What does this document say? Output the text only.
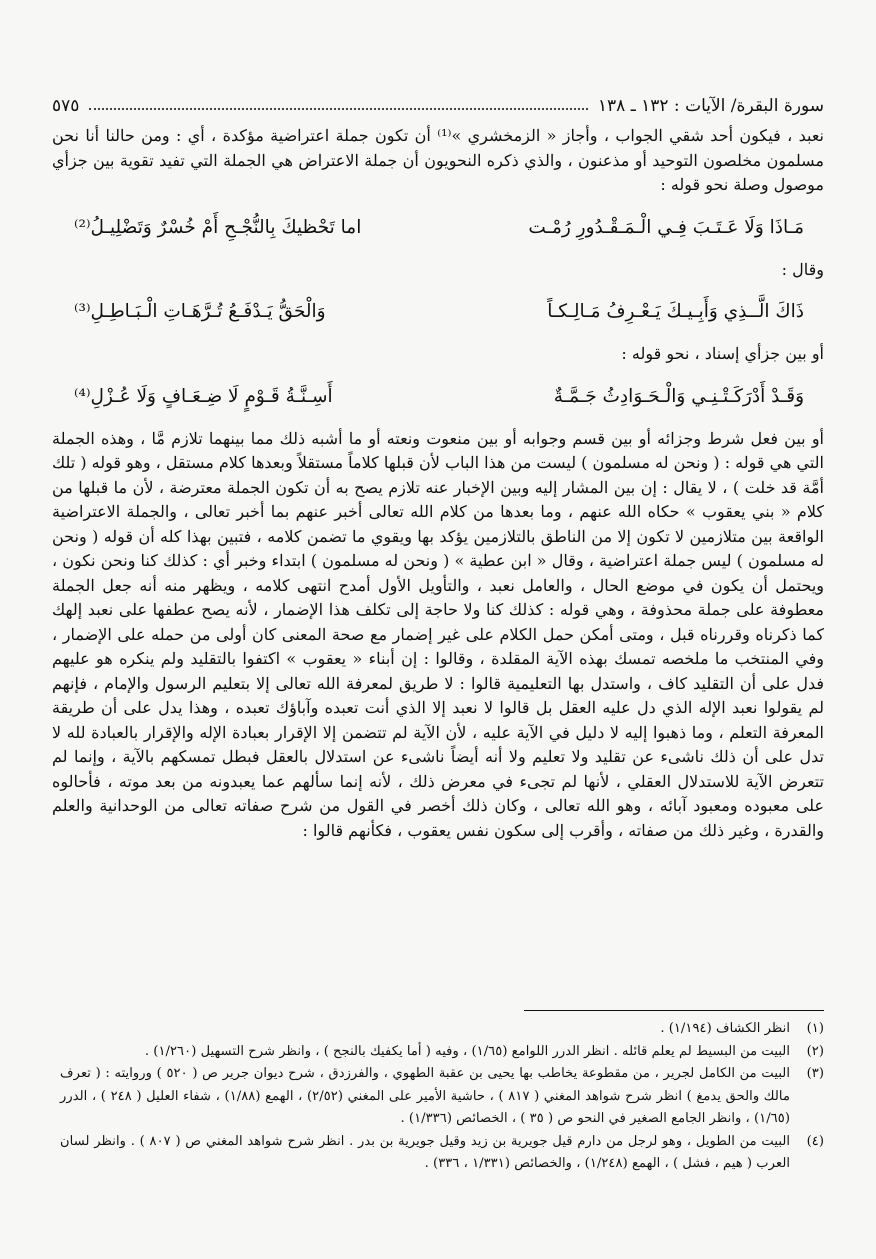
سورة البقرة/ الآيات : ١٣٢ ـ ١٣٨
٥٧٥

نعبد ، فيكون أحد شقي الجواب ، وأجاز « الزمخشري »⁽¹⁾ أن تكون جملة اعتراضية مؤكدة ، أي : ومن حالنا أنا نحن مسلمون مخلصون التوحيد أو مذعنون ، والذي ذكره النحويون أن جملة الاعتراض هي الجملة التي تفيد تقوية بين جزأي موصول وصلة نحو قوله :

مَـاذَا وَلَا عَـتَـبَ فِـي الْـمَـقْـدُورِ رُمْـت
اما تَحْظيكَ بِالنُّجْـحِ أَمْ خُسْرٌ وَتَضْلِيـلُ⁽²⁾

وقال :

ذَاكَ الَّــذِي وَأَبِـيـكَ يَـعْـرِفُ مَـالِـكـاً
وَالْحَقُّ يَـدْفَـعُ تُـرَّهَـاتِ الْـبَـاطِـلِ⁽³⁾

أو بين جزأي إسناد ، نحو قوله :

وَقَـدْ أَدْرَكَـتْـنِـي وَالْـحَـوَادِثُ جَـمَّـةٌ
أَسِـنَّـةُ قَـوْمٍ لَا ضِـعَـافٍ وَلَا عُـزْلِ⁽⁴⁾

أو بين فعل شرط وجزائه أو بين قسم وجوابه أو بين منعوت ونعته أو ما أشبه ذلك مما بينهما تلازم مَّا ، وهذه الجملة التي هي قوله : ( ونحن له مسلمون ) ليست من هذا الباب لأن قبلها كلاماً مستقلاً وبعدها كلام مستقل ، وهو قوله ( تلك أمَّة قد خلت ) ، لا يقال : إن بين المشار إليه وبين الإخبار عنه تلازم يصح به أن تكون الجملة معترضة ، لأن ما قبلها من كلام « بني يعقوب » حكاه الله عنهم ، وما بعدها من كلام الله تعالى أخبر عنهم بما أخبر تعالى ، والجملة الاعتراضية الواقعة بين متلازمين لا تكون إلا من الناطق بالتلازمين يؤكد بها ويقوي ما تضمن كلامه ، فتبين بهذا كله أن قوله ( ونحن له مسلمون ) ليس جملة اعتراضية ، وقال « ابن عطية » ( ونحن له مسلمون ) ابتداء وخبر أي : كذلك كنا ونحن نكون ، ويحتمل أن يكون في موضع الحال ، والعامل نعبد ، والتأويل الأول أمدح انتهى كلامه ، ويظهر منه أنه جعل الجملة معطوفة على جملة محذوفة ، وهي قوله : كذلك كنا ولا حاجة إلى تكلف هذا الإضمار ، لأنه يصح عطفها على نعبد إلهك كما ذكرناه وقررناه قبل ، ومتى أمكن حمل الكلام على غير إضمار مع صحة المعنى كان أولى من حمله على الإضمار ، وفي المنتخب ما ملخصه تمسك بهذه الآية المقلدة ، وقالوا : إن أبناء « يعقوب » اكتفوا بالتقليد ولم ينكره هو عليهم فدل على أن التقليد كاف ، واستدل بها التعليمية قالوا : لا طريق لمعرفة الله تعالى إلا بتعليم الرسول والإمام ، فإنهم لم يقولوا نعبد الإله الذي دل عليه العقل بل قالوا لا نعبد إلا الذي أنت تعبده وآباؤك تعبده ، وهذا يدل على أن طريقة المعرفة التعلم ، وما ذهبوا إليه لا دليل في الآية عليه ، لأن الآية لم تتضمن إلا الإقرار بعبادة الإله والإقرار بالعبادة لله لا تدل على أن ذلك ناشىء عن تقليد ولا تعليم ولا أنه أيضاً ناشىء عن استدلال بالعقل فبطل تمسكهم بالآية ، وإنما لم تتعرض الآية للاستدلال العقلي ، لأنها لم تجىء في معرض ذلك ، لأنه إنما سألهم عما يعبدونه من بعد موته ، فأحالوه على معبوده ومعبود آبائه ، وهو الله تعالى ، وكان ذلك أخصر في القول من شرح صفاته تعالى من الوحدانية والعلم والقدرة ، وغير ذلك من صفاته ، وأقرب إلى سكون نفس يعقوب ، فكأنهم قالوا :

(١)
انظر الكشاف (١/١٩٤) .
(٢)
البيت من البسيط لم يعلم قائله . انظر الدرر اللوامع (١/٦٥) ، وفيه ( أما يكفيك بالنجح ) ، وانظر شرح التسهيل (١/٢٦٠) .
(٣)
البيت من الكامل لجرير ، من مقطوعة يخاطب بها يحيى بن عقبة الطهوي ، والفرزدق ، شرح ديوان جرير ص ( ٥٢٠ ) وروايته : ( تعرف مالك والحق يدمغ ) انظر شرح شواهد المغني ( ٨١٧ ) ، حاشية الأمير على المغني (٢/٥٢) ، الهمع (١/٨٨) ، شفاء العليل ( ٢٤٨ ) ، الدرر (١/٦٥) ، وانظر الجامع الصغير في النحو ص ( ٣٥ ) ، الخصائص (١/٣٣٦) .
(٤)
البيت من الطويل ، وهو لرجل من دارم قيل جويرية بن زيد وقيل جويرية بن بدر . انظر شرح شواهد المغني ص ( ٨٠٧ ) . وانظر لسان العرب ( هيم ، فشل ) ، الهمع (١/٢٤٨) ، والخصائص (١/٣٣١ ، ٣٣٦) .
